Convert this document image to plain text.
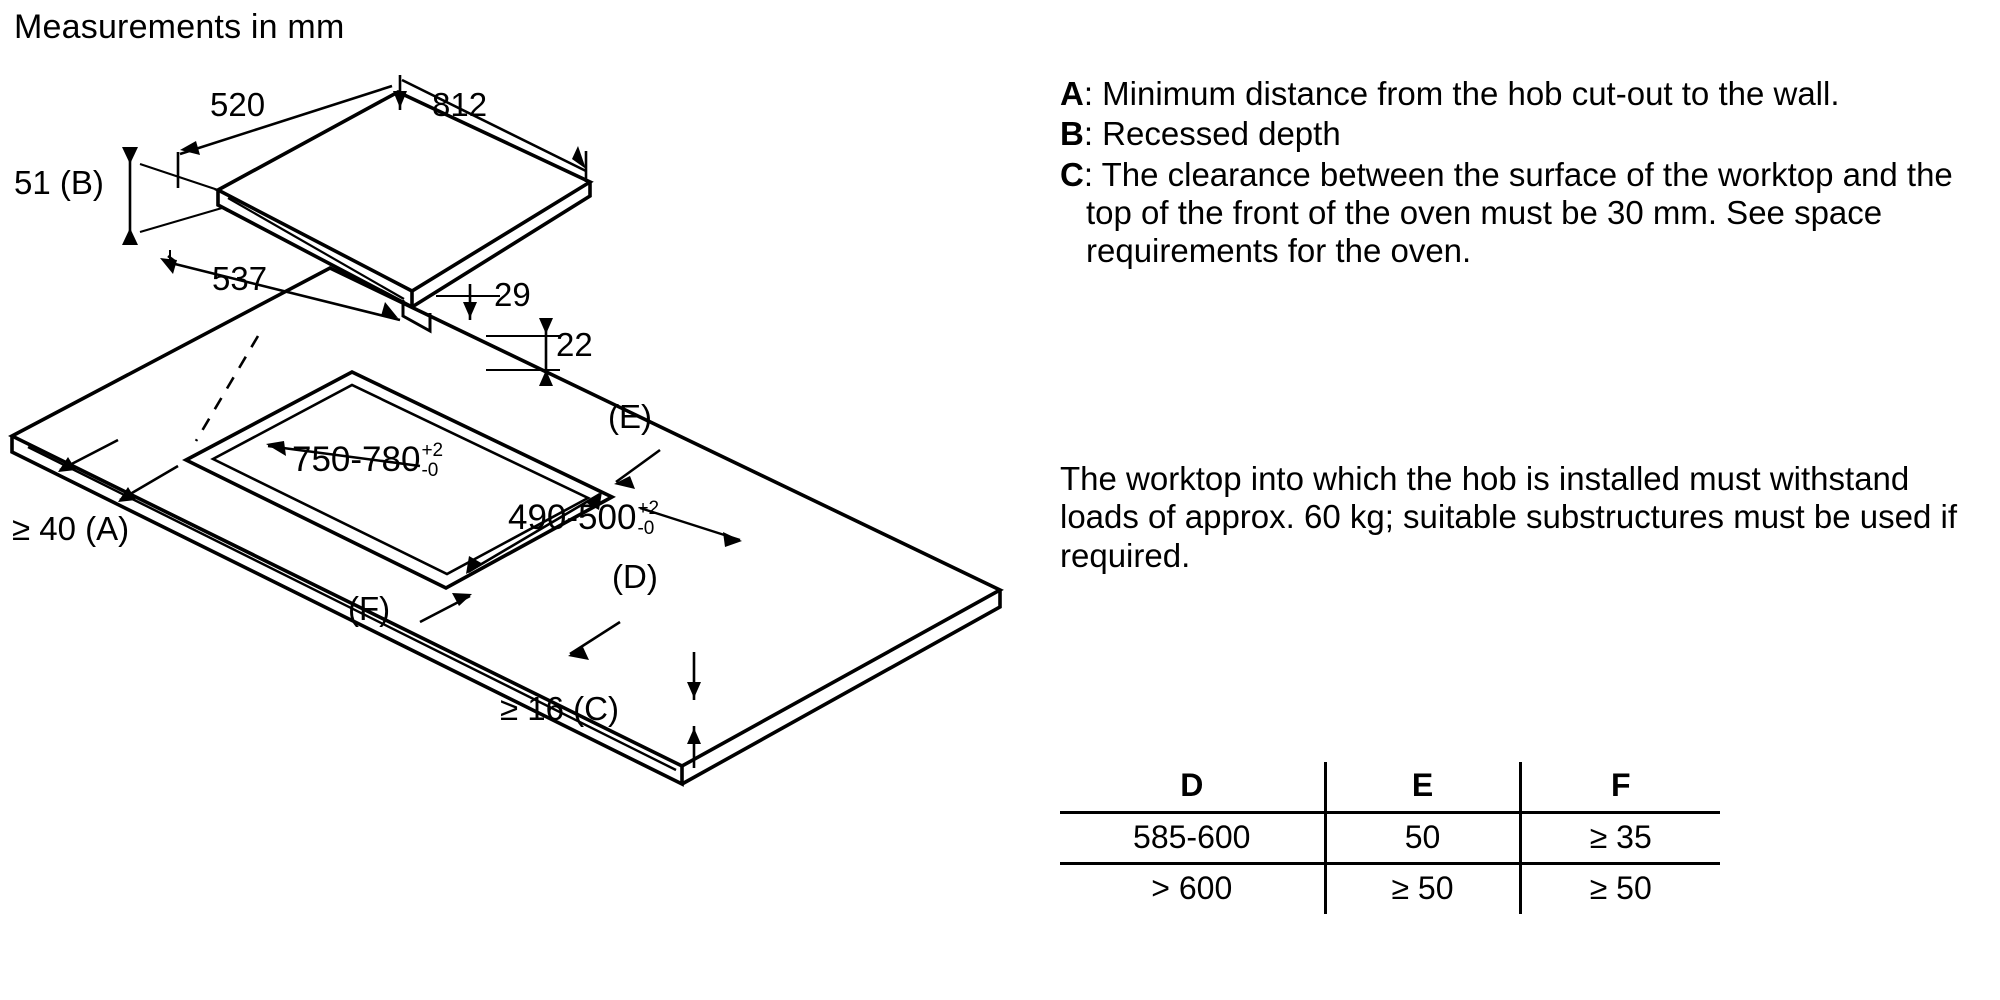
Measurements in mm
520	812
51 (B)
537	29
22
750-780 +2
-0
490-500 +2
-0
≥ 40 (A)
≥ 16 (C)
(D)
(E)
(F)
A: Minimum distance from the hob cut-out to the wall.
B: Recessed depth
C: The clearance between the surface of the worktop and the top of the front of the oven must be 30 mm. See space requirements for the oven.
The worktop into which the hob is installed must withstand loads of approx. 60 kg; suitable substructures must be used if required.
D	E	F
585-600	50	≥ 35
> 600	≥ 50	≥ 50
